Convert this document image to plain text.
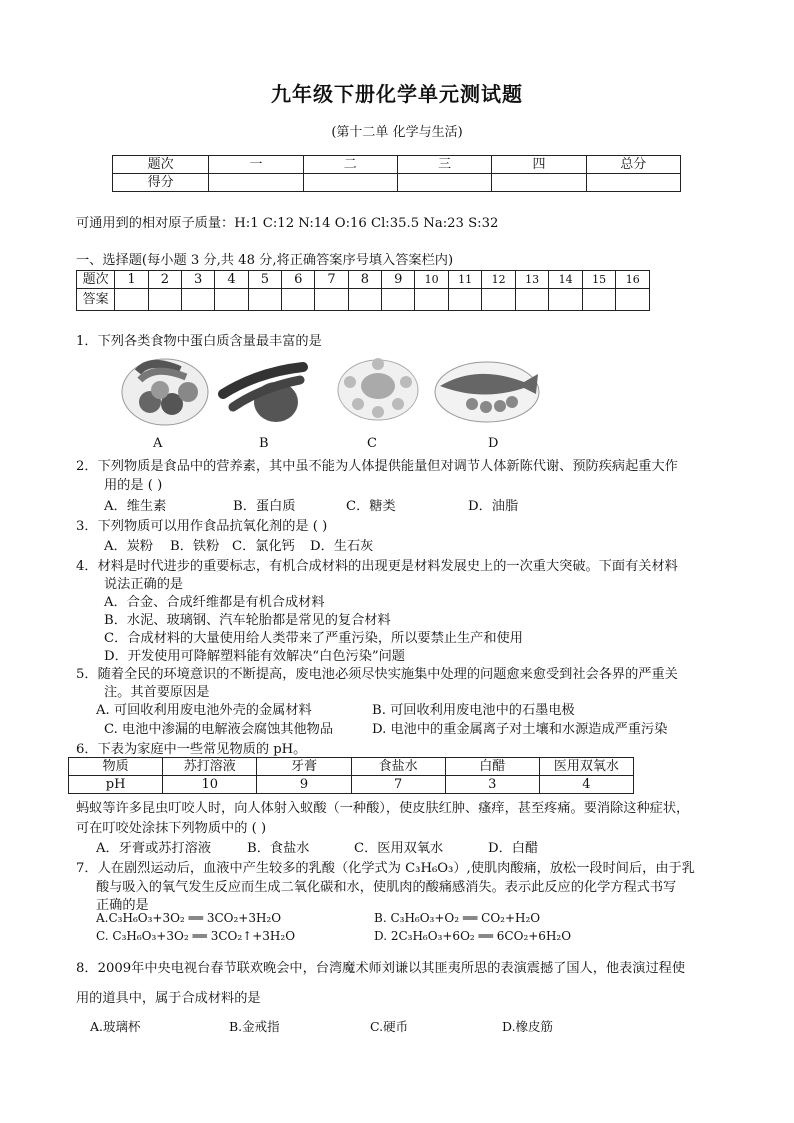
九年级下册化学单元测试题
(第十二单 化学与生活)
题次	一	二	三	四	总分
得分					
可通用到的相对原子质量：H:1 C:12 N:14 O:16 Cl:35.5 Na:23 S:32
一、选择题(每小题 3 分,共 48 分,将正确答案序号填入答案栏内)
题次	1	2	3	4	5	6	7	8	9	10	11	12	13	14	15	16
答案																
1．下列各类食物中蛋白质含量最丰富的是
A	B	C	D
2．下列物质是食品中的营养素，其中虽不能为人体提供能量但对调节人体新陈代谢、预防疾病起重大作
用的是 ( )
A．维生素	B．蛋白质	C．糖类	D．油脂
3．下列物质可以用作食品抗氧化剂的是 ( )
A．炭粉 B．铁粉 C．氯化钙 D．生石灰
4．材料是时代进步的重要标志，有机合成材料的出现更是材料发展史上的一次重大突破。下面有关材料
说法正确的是
A．合金、合成纤维都是有机合成材料
B．水泥、玻璃钢、汽车轮胎都是常见的复合材料
C．合成材料的大量使用给人类带来了严重污染，所以要禁止生产和使用
D．开发使用可降解塑料能有效解决“白色污染”问题
5．随着全民的环境意识的不断提高，废电池必须尽快实施集中处理的问题愈来愈受到社会各界的严重关
注。其首要原因是
A. 可回收利用废电池外壳的金属材料	B. 可回收利用废电池中的石墨电极
C. 电池中渗漏的电解液会腐蚀其他物品	D. 电池中的重金属离子对土壤和水源造成严重污染
6．下表为家庭中一些常见物质的 pH。
物质	苏打溶液	牙膏	食盐水	白醋	医用双氧水
pH	10	9	7	3	4
蚂蚁等许多昆虫叮咬人时，向人体射入蚁酸（一种酸），使皮肤红肿、瘙痒，甚至疼痛。要消除这种症状，
可在叮咬处涂抹下列物质中的 ( )
A．牙膏或苏打溶液	B．食盐水	C．医用双氧水	D．白醋
7．人在剧烈运动后，血液中产生较多的乳酸（化学式为 C₃H₆O₃）,使肌肉酸痛，放松一段时间后，由于乳
酸与吸入的氧气发生反应而生成二氧化碳和水，使肌肉的酸痛感消失。表示此反应的化学方程式书写
正确的是
A.C₃H₆O₃+3O₂ ══ 3CO₂+3H₂O	B. C₃H₆O₃+O₂ ══ CO₂+H₂O
C. C₃H₆O₃+3O₂ ══ 3CO₂↑+3H₂O	D. 2C₃H₆O₃+6O₂ ══ 6CO₂+6H₂O
8．2009年中央电视台春节联欢晚会中，台湾魔术师刘谦以其匪夷所思的表演震撼了国人，他表演过程使
用的道具中，属于合成材料的是
A.玻璃杯	B.金戒指	C.硬币	D.橡皮筋
